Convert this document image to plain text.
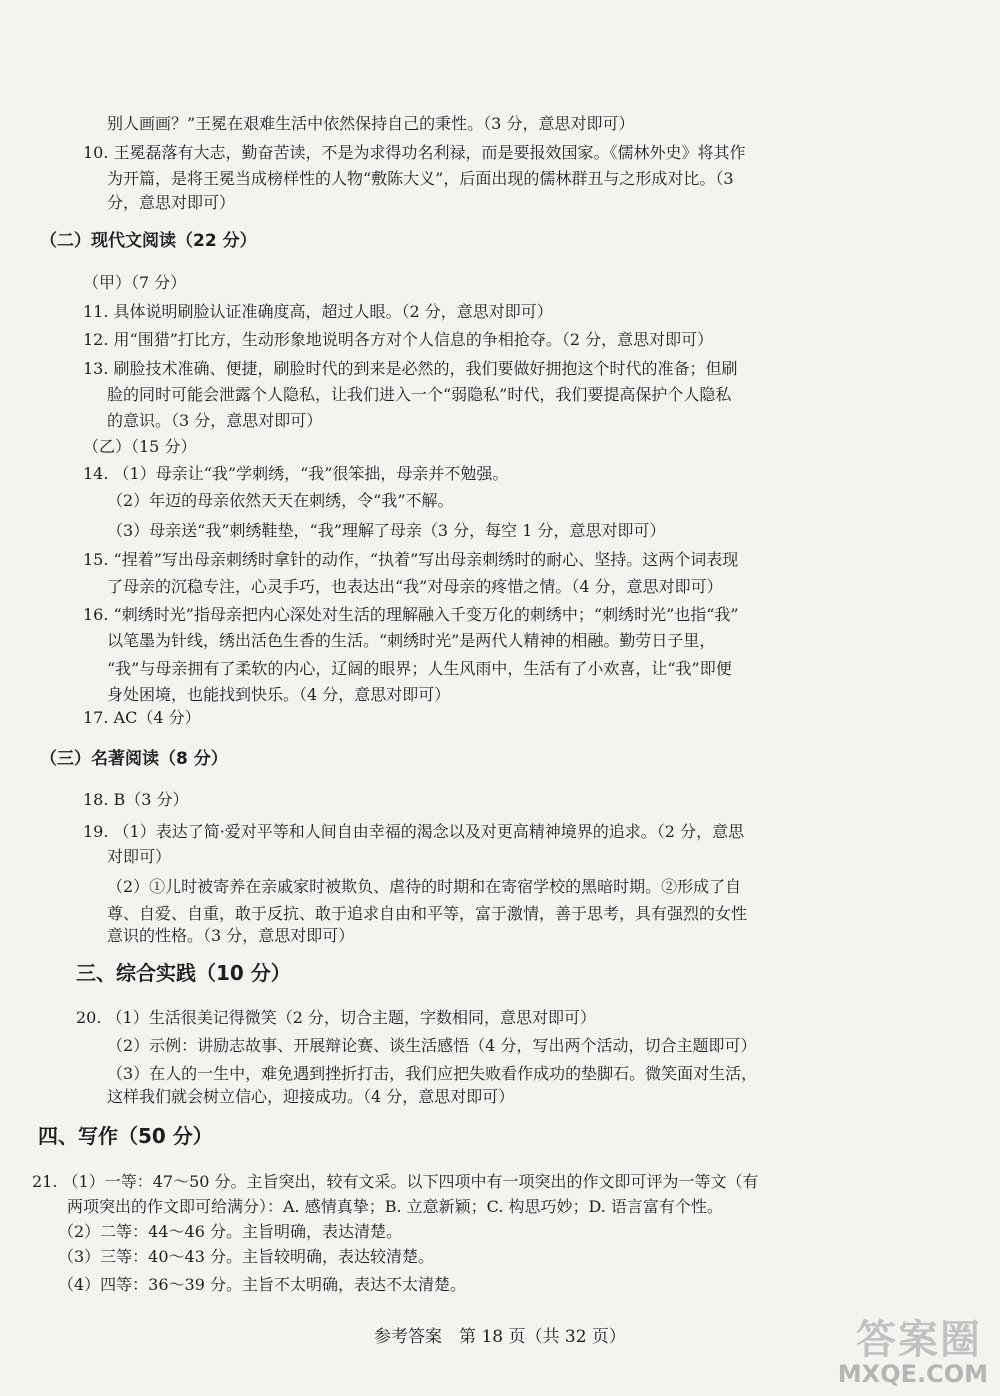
别人画画？”王冕在艰难生活中依然保持自己的秉性。（3 分，意思对即可）
10. 王冕磊落有大志，勤奋苦读，不是为求得功名利禄，而是要报效国家。《儒林外史》将其作
为开篇，是将王冕当成榜样性的人物“敷陈大义”，后面出现的儒林群丑与之形成对比。（3
分，意思对即可）
（二）现代文阅读（22 分）
（甲）（7 分）
11. 具体说明刷脸认证准确度高，超过人眼。（2 分，意思对即可）
12. 用“围猎”打比方，生动形象地说明各方对个人信息的争相抢夺。（2 分，意思对即可）
13. 刷脸技术准确、便捷，刷脸时代的到来是必然的，我们要做好拥抱这个时代的准备；但刷
脸的同时可能会泄露个人隐私，让我们进入一个“弱隐私”时代，我们要提高保护个人隐私
的意识。（3 分，意思对即可）
（乙）（15 分）
14. （1）母亲让“我”学刺绣，“我”很笨拙，母亲并不勉强。
（2）年迈的母亲依然天天在刺绣，令“我”不解。
（3）母亲送“我”刺绣鞋垫，“我”理解了母亲（3 分，每空 1 分，意思对即可）
15. “捏着”写出母亲刺绣时拿针的动作，“执着”写出母亲刺绣时的耐心、坚持。这两个词表现
了母亲的沉稳专注，心灵手巧，也表达出“我”对母亲的疼惜之情。（4 分，意思对即可）
16. “刺绣时光”指母亲把内心深处对生活的理解融入千变万化的刺绣中；“刺绣时光”也指“我”
以笔墨为针线，绣出活色生香的生活。“刺绣时光”是两代人精神的相融。勤劳日子里，
“我”与母亲拥有了柔软的内心，辽阔的眼界；人生风雨中，生活有了小欢喜，让“我”即便
身处困境，也能找到快乐。（4 分，意思对即可）
17. AC（4 分）
（三）名著阅读（8 分）
18. B（3 分）
19. （1）表达了简·爱对平等和人间自由幸福的渴念以及对更高精神境界的追求。（2 分，意思
对即可）
（2）①儿时被寄养在亲戚家时被欺负、虐待的时期和在寄宿学校的黑暗时期。②形成了自
尊、自爱、自重，敢于反抗、敢于追求自由和平等，富于激情，善于思考，具有强烈的女性
意识的性格。（3 分，意思对即可）
三、综合实践（10 分）
20. （1）生活很美记得微笑（2 分，切合主题，字数相同，意思对即可）
（2）示例：讲励志故事、开展辩论赛、谈生活感悟（4 分，写出两个活动，切合主题即可）
（3）在人的一生中，难免遇到挫折打击，我们应把失败看作成功的垫脚石。微笑面对生活，
这样我们就会树立信心，迎接成功。（4 分，意思对即可）
四、写作（50 分）
21. （1）一等：47～50 分。主旨突出，较有文采。以下四项中有一项突出的作文即可评为一等文（有
两项突出的作文即可给满分）：A. 感情真挚；B. 立意新颖；C. 构思巧妙；D. 语言富有个性。
（2）二等：44～46 分。主旨明确，表达清楚。
（3）三等：40～43 分。主旨较明确，表达较清楚。
（4）四等：36～39 分。主旨不太明确，表达不太清楚。
参考答案　第 18 页（共 32 页）	答案圈
MXQE.COM
